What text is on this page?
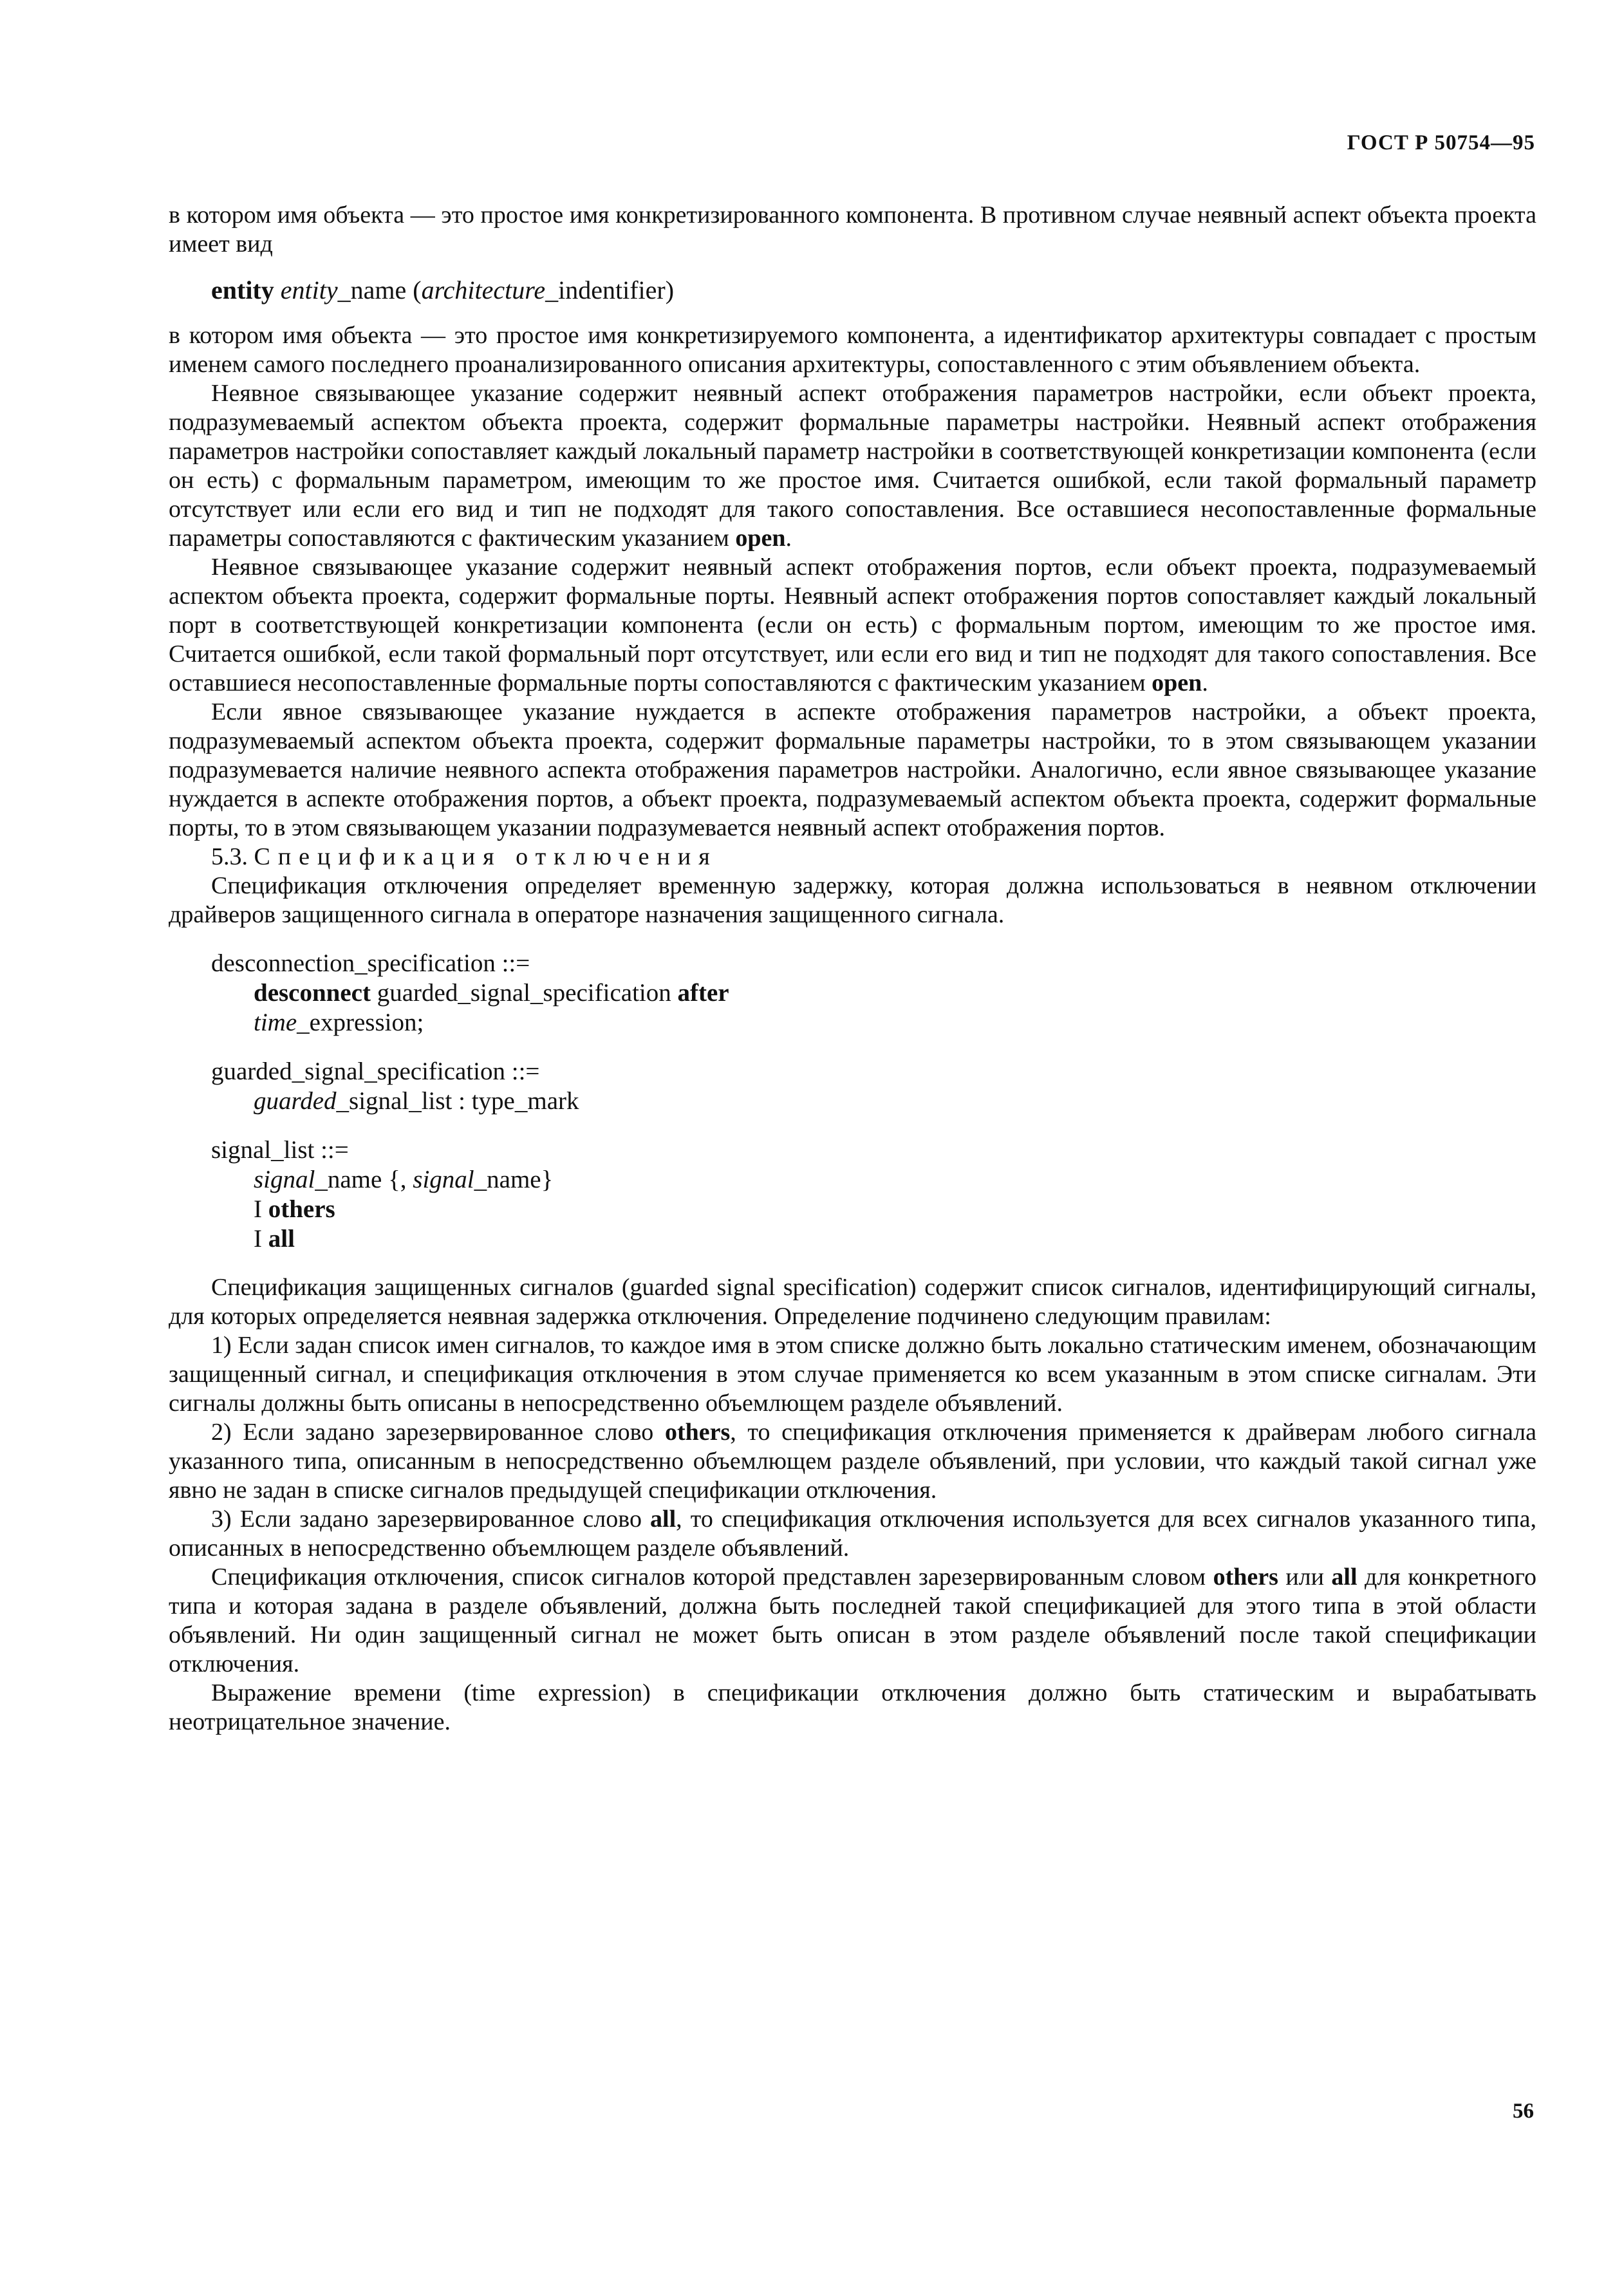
ГОСТ Р 50754—95

в котором имя объекта — это простое имя конкретизированного компонента. В противном случае неявный аспект объекта проекта имеет вид

entity entity_name (architecture_indentifier)

в котором имя объекта — это простое имя конкретизируемого компонента, а идентификатор архитектуры совпадает с простым именем самого последнего проанализированного описания архитектуры, сопоставленного с этим объявлением объекта.

Неявное связывающее указание содержит неявный аспект отображения параметров настройки, если объект проекта, подразумеваемый аспектом объекта проекта, содержит формальные параметры настройки. Неявный аспект отображения параметров настройки сопоставляет каждый локальный параметр настройки в соответствующей конкретизации компонента (если он есть) с формальным параметром, имеющим то же простое имя. Считается ошибкой, если такой формальный параметр отсутствует или если его вид и тип не подходят для такого сопоставления. Все оставшиеся несопоставленные формальные параметры сопоставляются с фактическим указанием open.

Неявное связывающее указание содержит неявный аспект отображения портов, если объект проекта, подразумеваемый аспектом объекта проекта, содержит формальные порты. Неявный аспект отображения портов сопоставляет каждый локальный порт в соответствующей конкретизации компонента (если он есть) с формальным портом, имеющим то же простое имя. Считается ошибкой, если такой формальный порт отсутствует, или если его вид и тип не подходят для такого сопоставления. Все оставшиеся несопоставленные формальные порты сопоставляются с фактическим указанием open.

Если явное связывающее указание нуждается в аспекте отображения параметров настройки, а объект проекта, подразумеваемый аспектом объекта проекта, содержит формальные параметры настройки, то в этом связывающем указании подразумевается наличие неявного аспекта отображения параметров настройки. Аналогично, если явное связывающее указание нуждается в аспекте отображения портов, а объект проекта, подразумеваемый аспектом объекта проекта, содержит формальные порты, то в этом связывающем указании подразумевается неявный аспект отображения портов.

5.3. Спецификация отключения

Спецификация отключения определяет временную задержку, которая должна использоваться в неявном отключении драйверов защищенного сигнала в операторе назначения защищенного сигнала.

desconnection_specification ::=
desconnect guarded_signal_specification after
time_expression;
guarded_signal_specification ::=
guarded_signal_list : type_mark
signal_list ::=
signal_name {, signal_name}
I others
I all

Спецификация защищенных сигналов (guarded signal specification) содержит список сигналов, идентифицирующий сигналы, для которых определяется неявная задержка отключения. Определение подчинено следующим правилам:

1) Если задан список имен сигналов, то каждое имя в этом списке должно быть локально статическим именем, обозначающим защищенный сигнал, и спецификация отключения в этом случае применяется ко всем указанным в этом списке сигналам. Эти сигналы должны быть описаны в непосредственно объемлющем разделе объявлений.

2) Если задано зарезервированное слово others, то спецификация отключения применяется к драйверам любого сигнала указанного типа, описанным в непосредственно объемлющем разделе объявлений, при условии, что каждый такой сигнал уже явно не задан в списке сигналов предыдущей спецификации отключения.

3) Если задано зарезервированное слово all, то спецификация отключения используется для всех сигналов указанного типа, описанных в непосредственно объемлющем разделе объявлений.

Спецификация отключения, список сигналов которой представлен зарезервированным словом others или all для конкретного типа и которая задана в разделе объявлений, должна быть последней такой спецификацией для этого типа в этой области объявлений. Ни один защищенный сигнал не может быть описан в этом разделе объявлений после такой спецификации отключения.

Выражение времени (time expression) в спецификации отключения должно быть статическим и вырабатывать неотрицательное значение.

56
